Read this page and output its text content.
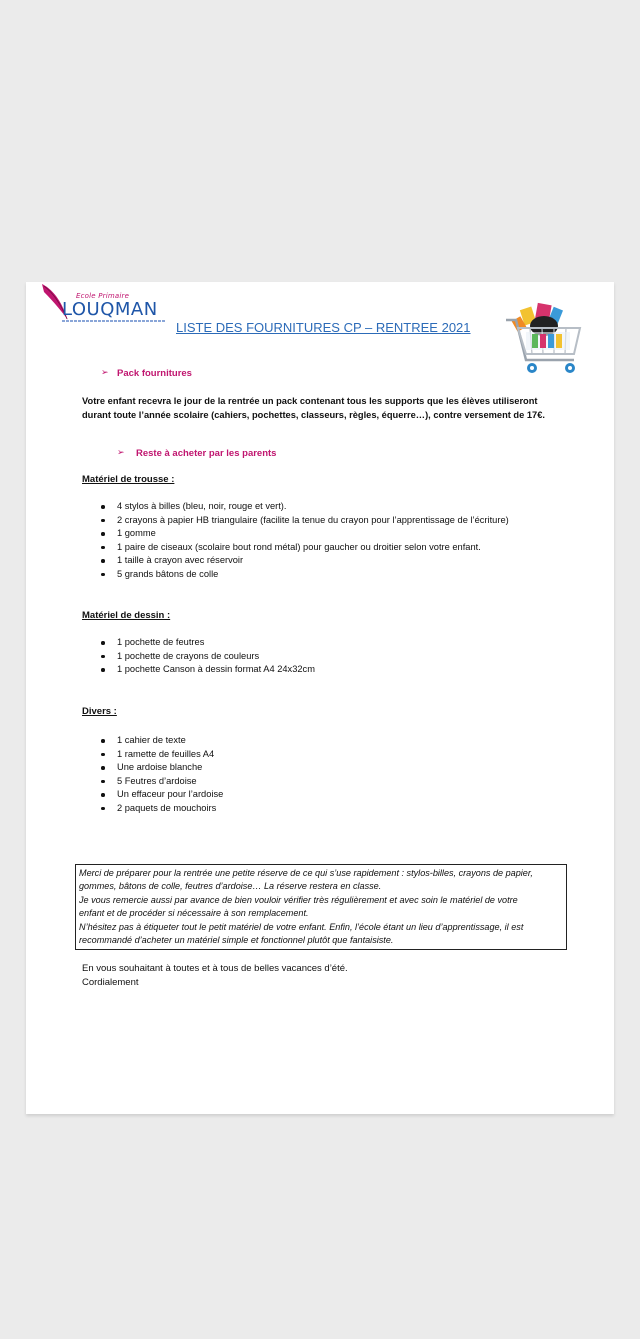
Ecole Primaire
LOUQMAN
LISTE DES FOURNITURES CP – RENTREE 2021
➢ Pack fournitures
Votre enfant recevra le jour de la rentrée un pack contenant tous les supports que les élèves utiliseront
durant toute l’année scolaire (cahiers, pochettes, classeurs, règles, équerre…), contre versement de 17€.
➢ Reste à acheter par les parents
Matériel de trousse :
4 stylos à billes (bleu, noir, rouge et vert).
2 crayons à papier HB triangulaire (facilite la tenue du crayon pour l’apprentissage de l’écriture)
1 gomme
1 paire de ciseaux (scolaire bout rond métal) pour gaucher ou droitier selon votre enfant.
1 taille à crayon avec réservoir
5 grands bâtons de colle
Matériel de dessin :
1 pochette de feutres
1 pochette de crayons de couleurs
1 pochette Canson à dessin format A4 24x32cm
Divers :
1 cahier de texte
1 ramette de feuilles A4
Une ardoise blanche
5 Feutres d’ardoise
Un effaceur pour l’ardoise
2 paquets de mouchoirs

Merci de préparer pour la rentrée une petite réserve de ce qui s’use rapidement : stylos-billes, crayons de papier,

gommes, bâtons de colle, feutres d’ardoise… La réserve restera en classe.

Je vous remercie aussi par avance de bien vouloir vérifier très régulièrement et avec soin le matériel de votre

enfant et de procéder si nécessaire à son remplacement.

N’hésitez pas à étiqueter tout le petit matériel de votre enfant. Enfin, l’école étant un lieu d’apprentissage, il est

recommandé d’acheter un matériel simple et fonctionnel plutôt que fantaisiste.

En vous souhaitant à toutes et à tous de belles vacances d’été.

Cordialement
